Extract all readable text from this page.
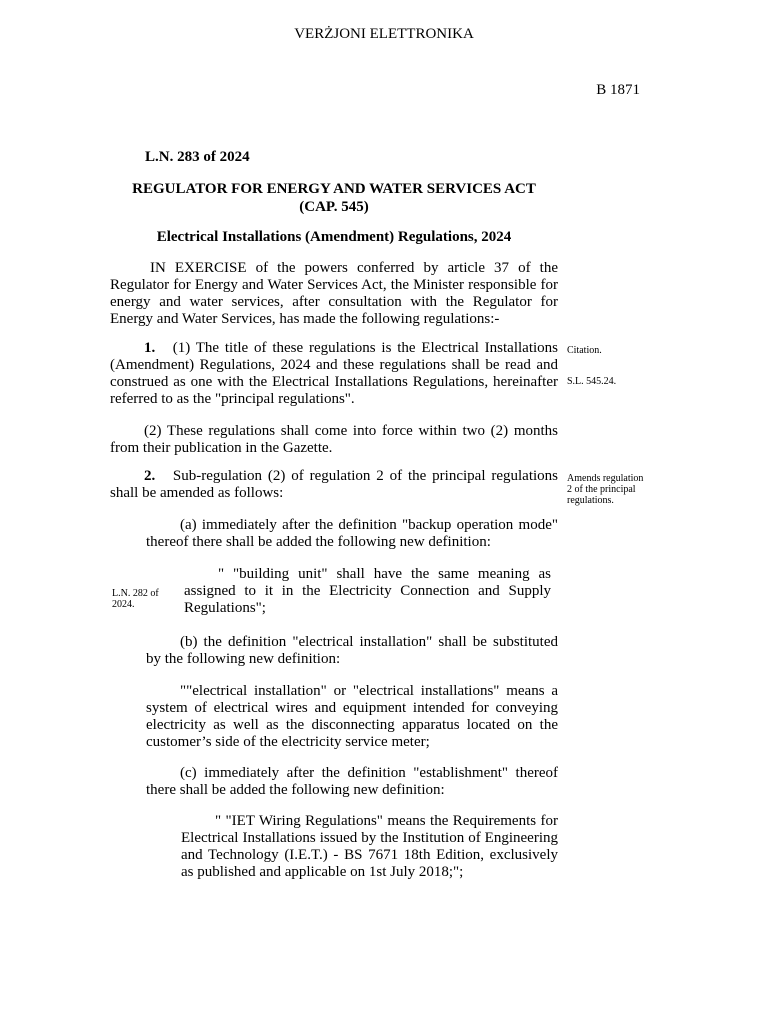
VERŻJONI ELETTRONIKA
B 1871
L.N. 283 of 2024
REGULATOR FOR ENERGY AND WATER SERVICES ACT
(CAP. 545)
Electrical Installations (Amendment) Regulations, 2024
IN EXERCISE of the powers conferred by article 37 of the Regulator for Energy and Water Services Act, the Minister responsible for energy and water services, after consultation with the Regulator for Energy and Water Services, has made the following regulations:-
1. (1) The title of these regulations is the Electrical Installations (Amendment) Regulations, 2024 and these regulations shall be read and construed as one with the Electrical Installations Regulations, hereinafter referred to as the "principal regulations".
(2) These regulations shall come into force within two (2) months from their publication in the Gazette.
2. Sub-regulation (2) of regulation 2 of the principal regulations shall be amended as follows:
(a) immediately after the definition "backup operation mode" thereof there shall be added the following new definition:
" "building unit" shall have the same meaning as assigned to it in the Electricity Connection and Supply Regulations";
(b) the definition "electrical installation" shall be substituted by the following new definition:
""electrical installation" or "electrical installations" means a system of electrical wires and equipment intended for conveying electricity as well as the disconnecting apparatus located on the customer’s side of the electricity service meter;
(c) immediately after the definition "establishment" thereof there shall be added the following new definition:
" "IET Wiring Regulations" means the Requirements for Electrical Installations issued by the Institution of Engineering and Technology (I.E.T.) - BS 7671 18th Edition, exclusively as published and applicable on 1st July 2018;";
Citation.
S.L. 545.24.
Amends regulation 2 of the principal regulations.
L.N. 282 of 2024.
